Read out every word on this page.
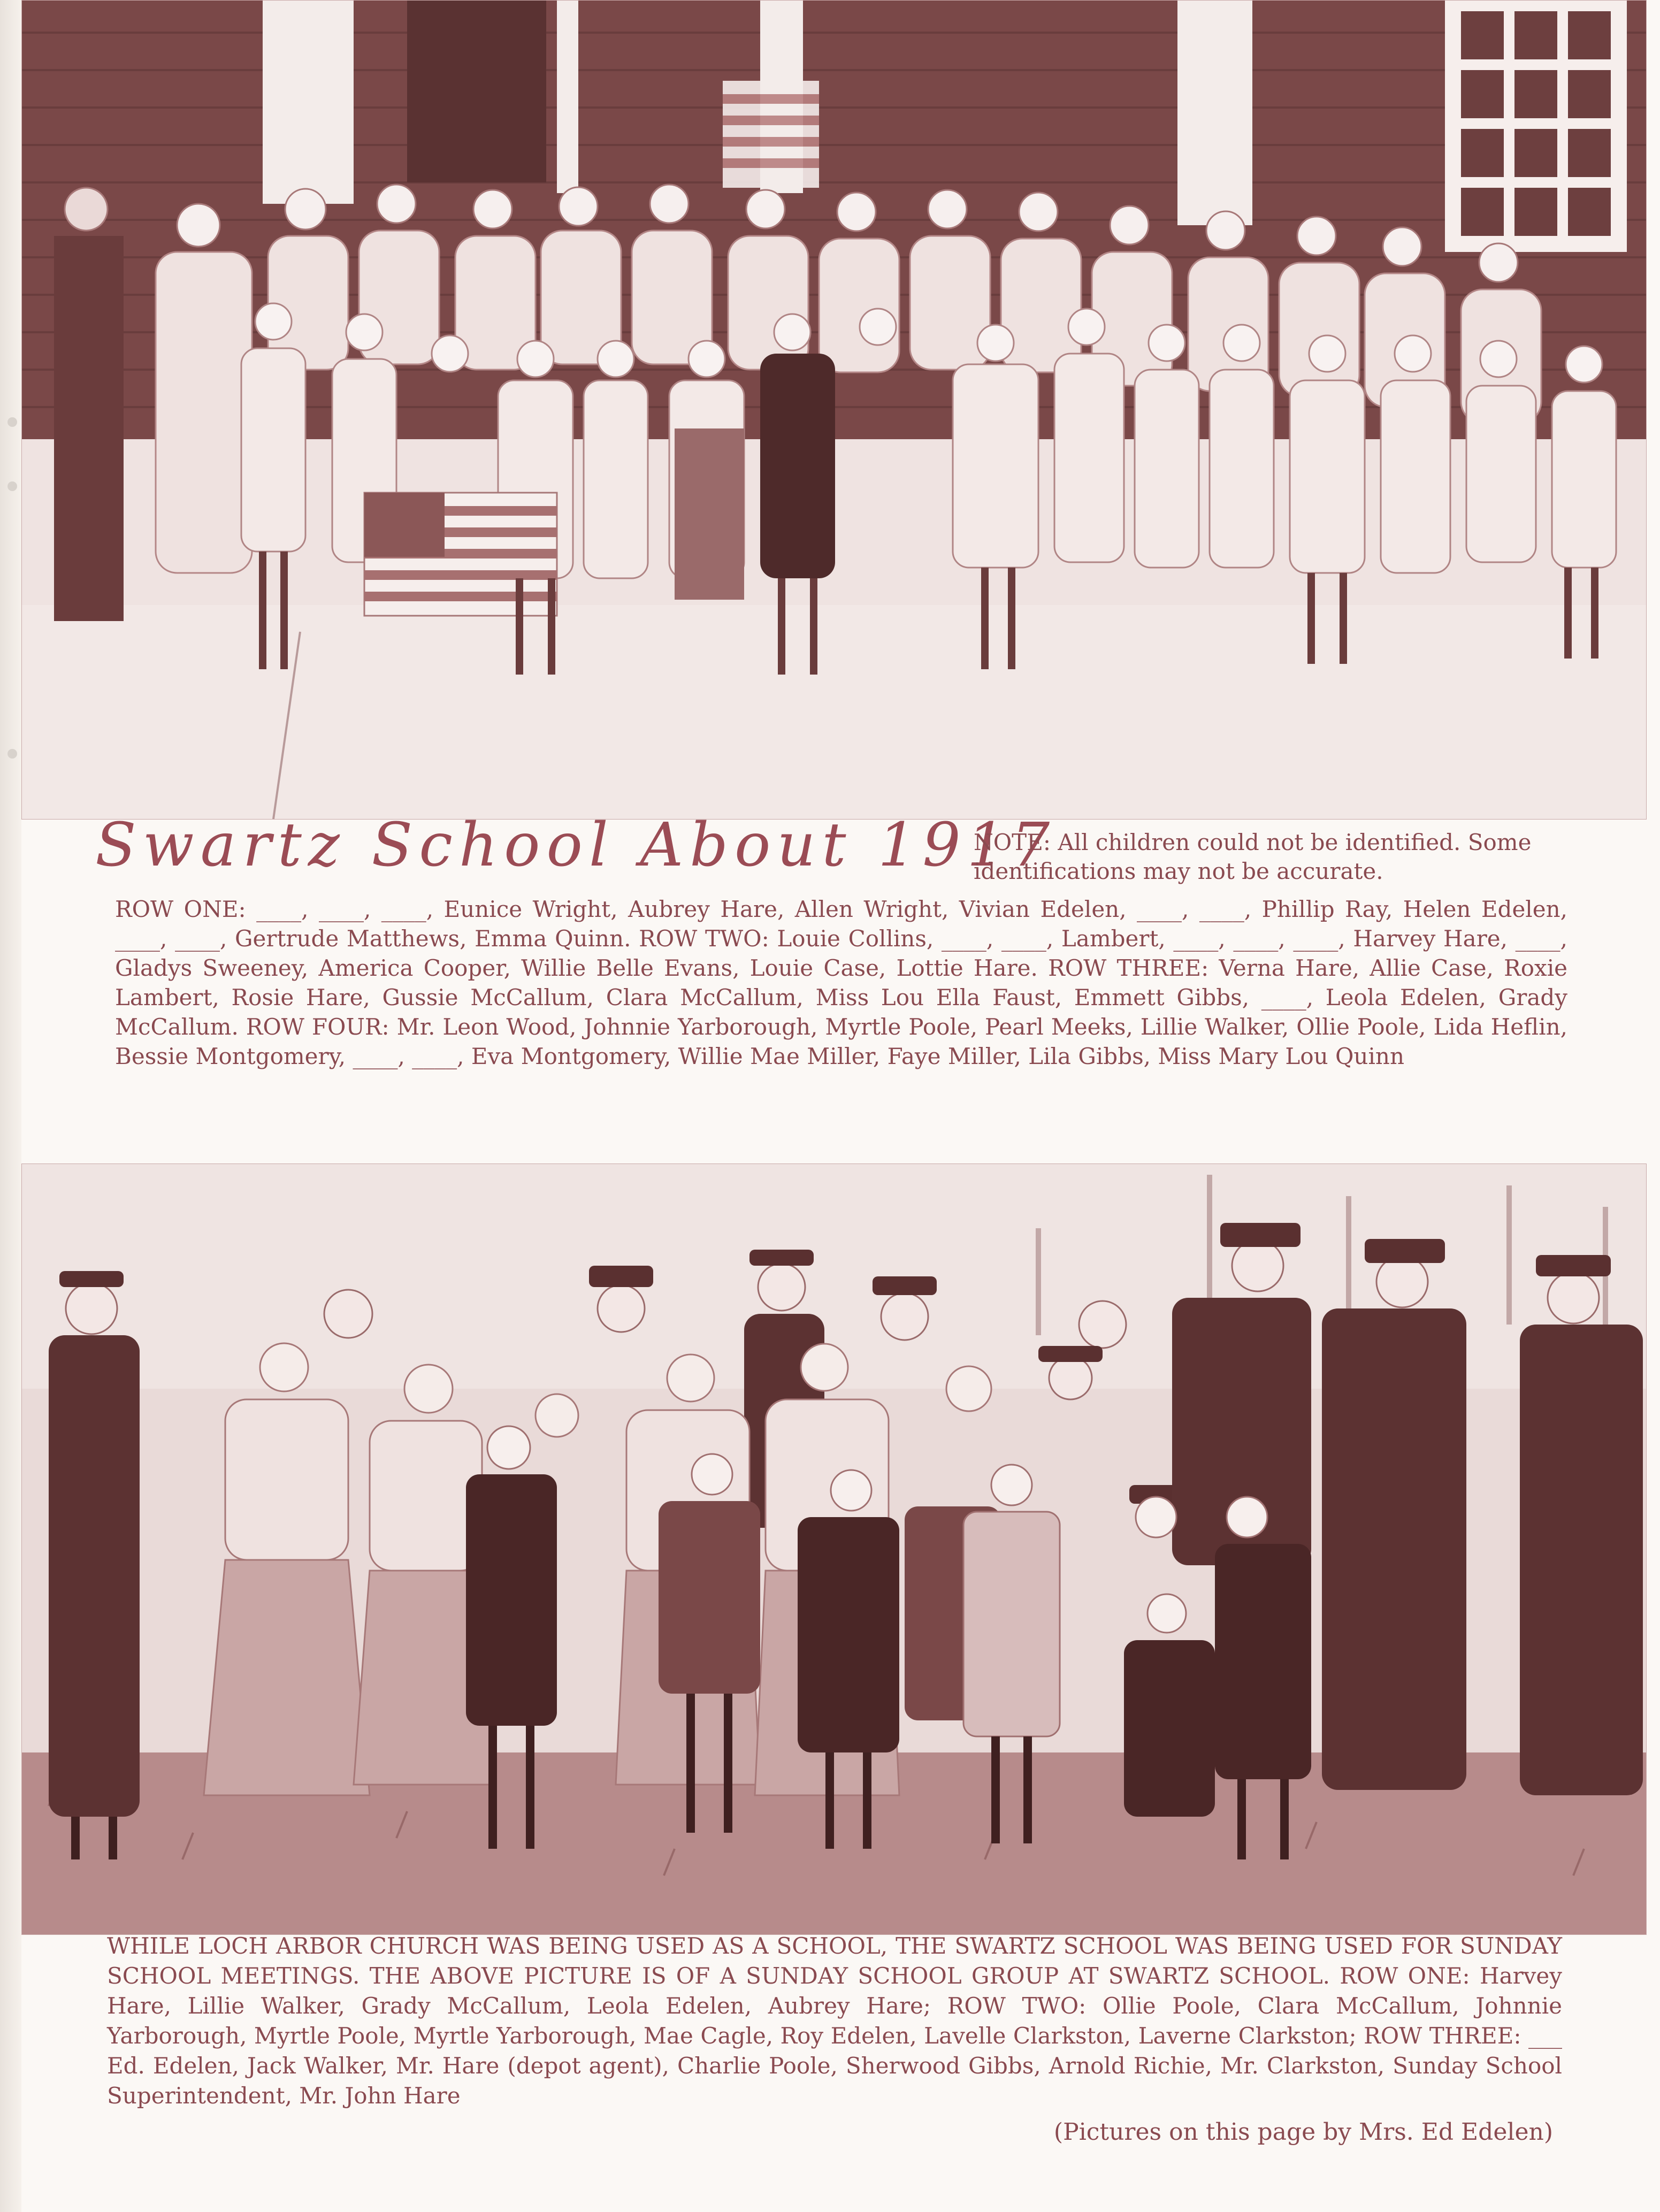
Swartz School About 1917
NOTE: All children could not be identified. Some identifications may not be accurate.
ROW ONE: ____, ____, ____, Eunice Wright, Aubrey Hare, Allen Wright, Vivian Edelen, ____, ____, Phillip Ray, Helen Edelen, ____, ____, Gertrude Matthews, Emma Quinn. ROW TWO: Louie Collins, ____, ____, Lambert, ____, ____, ____, Harvey Hare, ____, Gladys Sweeney, America Cooper, Willie Belle Evans, Louie Case, Lottie Hare. ROW THREE: Verna Hare, Allie Case, Roxie Lambert, Rosie Hare, Gussie McCallum, Clara McCallum, Miss Lou Ella Faust, Emmett Gibbs, ____, Leola Edelen, Grady McCallum. ROW FOUR: Mr. Leon Wood, Johnnie Yarborough, Myrtle Poole, Pearl Meeks, Lillie Walker, Ollie Poole, Lida Heflin, Bessie Montgomery, ____, ____, Eva Montgomery, Willie Mae Miller, Faye Miller, Lila Gibbs, Miss Mary Lou Quinn
WHILE LOCH ARBOR CHURCH WAS BEING USED AS A SCHOOL, THE SWARTZ SCHOOL WAS BEING USED FOR SUNDAY SCHOOL MEETINGS. THE ABOVE PICTURE IS OF A SUNDAY SCHOOL GROUP AT SWARTZ SCHOOL. ROW ONE: Harvey Hare, Lillie Walker, Grady McCallum, Leola Edelen, Aubrey Hare; ROW TWO: Ollie Poole, Clara McCallum, Johnnie Yarborough, Myrtle Poole, Myrtle Yarborough, Mae Cagle, Roy Edelen, Lavelle Clarkston, Laverne Clarkston; ROW THREE: ___ Ed. Edelen, Jack Walker, Mr. Hare (depot agent), Charlie Poole, Sherwood Gibbs, Arnold Richie, Mr. Clarkston, Sunday School Superintendent, Mr. John Hare
(Pictures on this page by Mrs. Ed Edelen)
